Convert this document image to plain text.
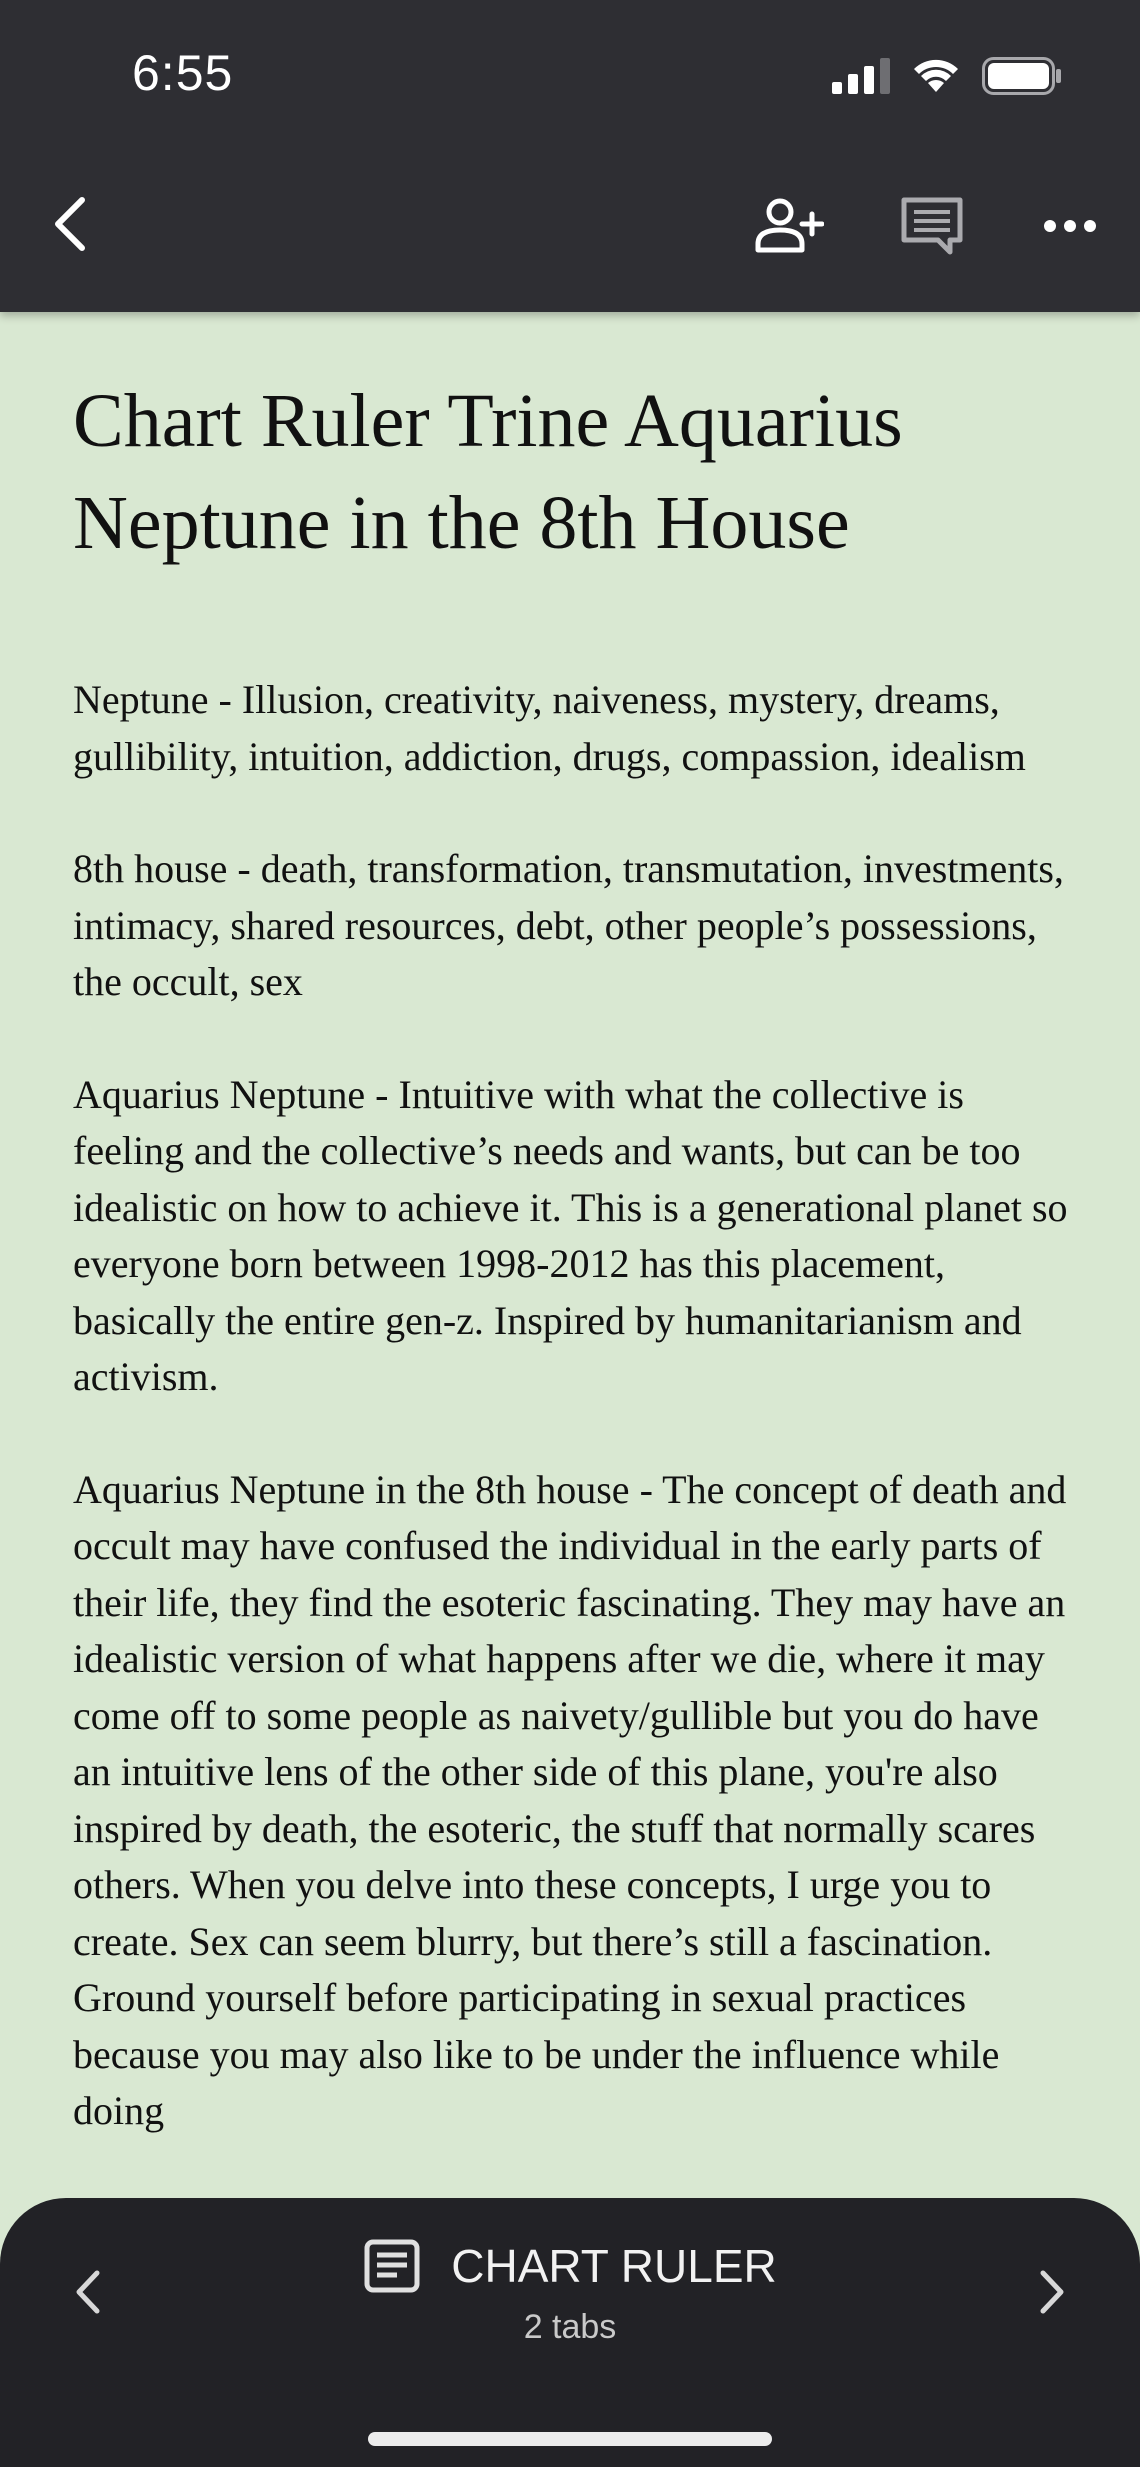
6:55
Chart Ruler Trine Aquarius Neptune in the 8th House

Neptune - Illusion, creativity, naiveness, mystery, dreams, gullibility, intuition, addiction, drugs, compassion, idealism

8th house - death, transformation, transmutation, investments, intimacy, shared resources, debt, other people’s possessions, the occult, sex

Aquarius Neptune - Intuitive with what the collective is feeling and the collective’s needs and wants, but can be too idealistic on how to achieve it. This is a generational planet so everyone born between 1998-2012 has this placement, basically the entire gen-z. Inspired by humanitarianism and activism.

Aquarius Neptune in the 8th house - The concept of death and occult may have confused the individual in the early parts of their life, they find the esoteric fascinating. They may have an idealistic version of what happens after we die, where it may come off to some people as naivety/gullible but you do have an intuitive lens of the other side of this plane, you're also inspired by death, the esoteric, the stuff that normally scares others. When you delve into these concepts, I urge you to create. Sex can seem blurry, but there’s still a fascination. Ground yourself before participating in sexual practices because you may also like to be under the influence while doing

CHART RULER
2 tabs
